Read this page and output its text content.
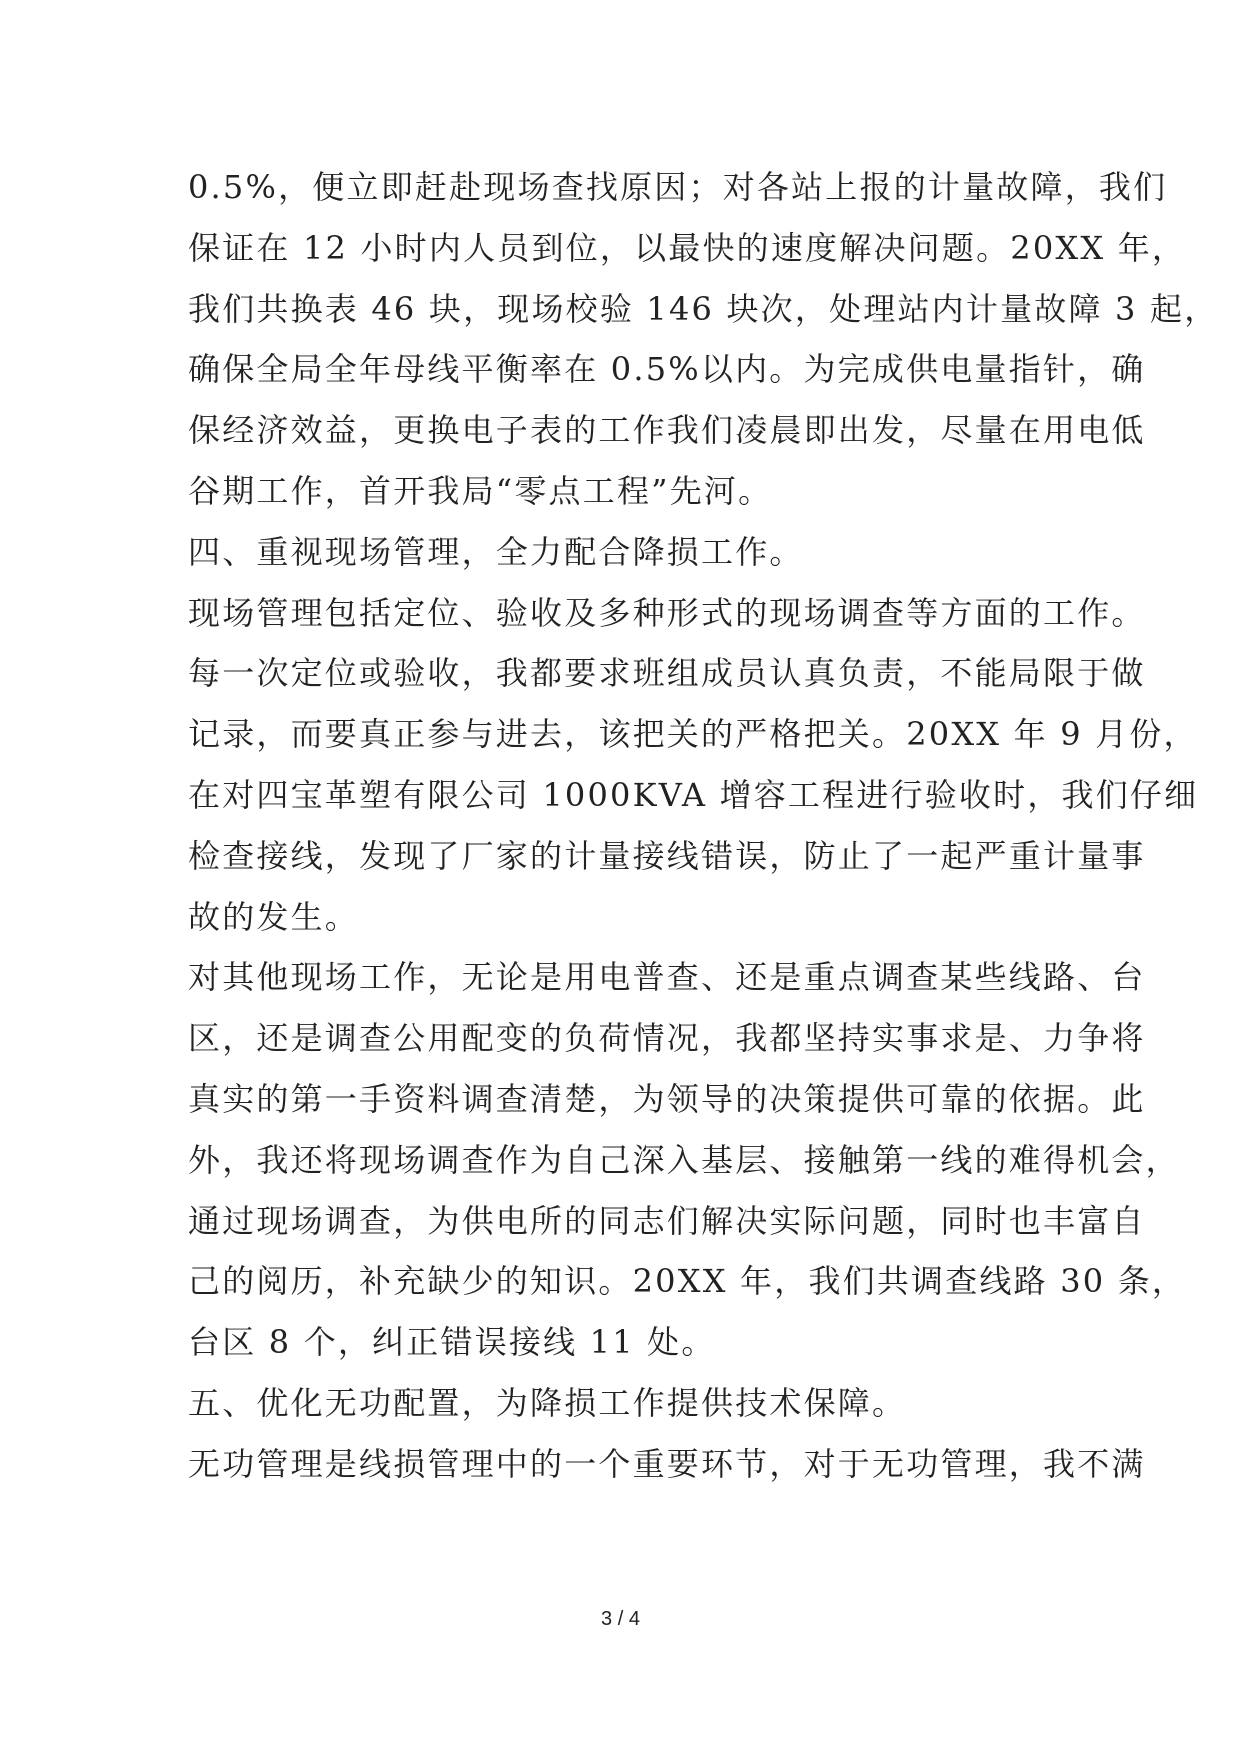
0.5%，便立即赶赴现场查找原因；对各站上报的计量故障，我们
保证在 12 小时内人员到位，以最快的速度解决问题。20XX 年，
我们共换表 46 块，现场校验 146 块次，处理站内计量故障 3 起，
确保全局全年母线平衡率在 0.5%以内。为完成供电量指针，确
保经济效益，更换电子表的工作我们凌晨即出发，尽量在用电低
谷期工作，首开我局“零点工程”先河。
四、重视现场管理，全力配合降损工作。
现场管理包括定位、验收及多种形式的现场调查等方面的工作。
每一次定位或验收，我都要求班组成员认真负责，不能局限于做
记录，而要真正参与进去，该把关的严格把关。20XX 年 9 月份，
在对四宝革塑有限公司 1000KVA 增容工程进行验收时，我们仔细
检查接线，发现了厂家的计量接线错误，防止了一起严重计量事
故的发生。
对其他现场工作，无论是用电普查、还是重点调查某些线路、台
区，还是调查公用配变的负荷情况，我都坚持实事求是、力争将
真实的第一手资料调查清楚，为领导的决策提供可靠的依据。此
外，我还将现场调查作为自己深入基层、接触第一线的难得机会，
通过现场调查，为供电所的同志们解决实际问题，同时也丰富自
己的阅历，补充缺少的知识。20XX 年，我们共调查线路 30 条，
台区 8 个，纠正错误接线 11 处。
五、优化无功配置，为降损工作提供技术保障。
无功管理是线损管理中的一个重要环节，对于无功管理，我不满
3 / 4
